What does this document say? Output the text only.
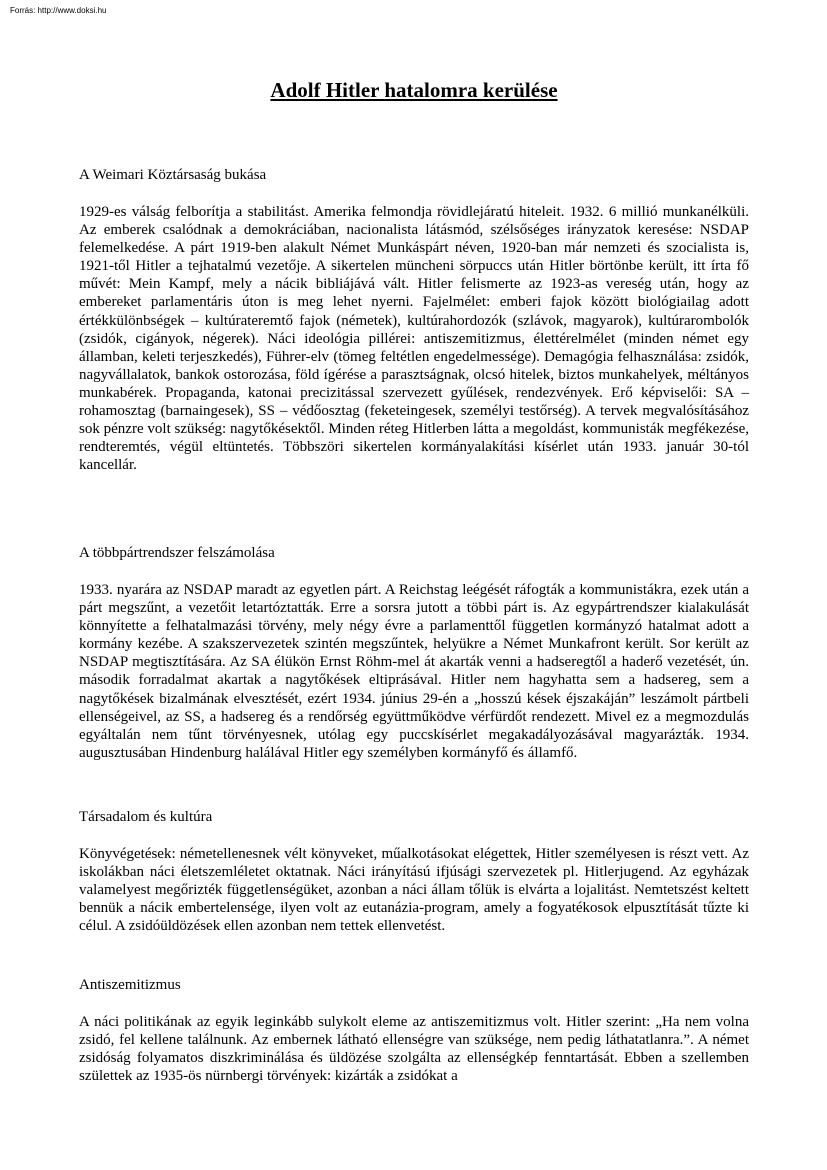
Forrás: http://www.doksi.hu
Adolf Hitler hatalomra kerülése

A Weimari Köztársaság bukása

1929-es válság felborítja a stabilitást. Amerika felmondja rövidlejáratú hiteleit. 1932. 6 millió munkanélküli. Az emberek csalódnak a demokráciában, nacionalista látásmód, szélsőséges irányzatok keresése: NSDAP felemelkedése. A párt 1919-ben alakult Német Munkáspárt néven, 1920-ban már nemzeti és szocialista is, 1921-től Hitler a tejhatalmú vezetője. A sikertelen müncheni sörpuccs után Hitler börtönbe került, itt írta fő művét: Mein Kampf, mely a nácik bibliájává vált. Hitler felismerte az 1923-as vereség után, hogy az embereket parlamentáris úton is meg lehet nyerni. Fajelmélet: emberi fajok között biológiailag adott értékkülönbségek – kultúrateremtő fajok (németek), kultúrahordozók (szlávok, magyarok), kultúrarombolók (zsidók, cigányok, négerek). Náci ideológia pillérei: antiszemitizmus, élettérelmélet (minden német egy államban, keleti terjeszkedés), Führer-elv (tömeg feltétlen engedelmessége). Demagógia felhasználása: zsidók, nagyvállalatok, bankok ostorozása, föld ígérése a parasztságnak, olcsó hitelek, biztos munkahelyek, méltányos munkabérek. Propaganda, katonai precizitással szervezett gyűlések, rendezvények. Erő képviselői: SA – rohamosztag (barnaingesek), SS – védőosztag (feketeingesek, személyi testőrség). A tervek megvalósításához sok pénzre volt szükség: nagytőkésektől. Minden réteg Hitlerben látta a megoldást, kommunisták megfékezése, rendteremtés, végül eltüntetés. Többszöri sikertelen kormányalakítási kísérlet után 1933. január 30-tól kancellár.

A többpártrendszer felszámolása

1933. nyarára az NSDAP maradt az egyetlen párt. A Reichstag leégését ráfogták a kommunistákra, ezek után a párt megszűnt, a vezetőit letartóztatták. Erre a sorsra jutott a többi párt is. Az egypártrendszer kialakulását könnyítette a felhatalmazási törvény, mely négy évre a parlamenttől független kormányzó hatalmat adott a kormány kezébe. A szakszervezetek szintén megszűntek, helyükre a Német Munkafront került. Sor került az NSDAP megtisztítására. Az SA élükön Ernst Röhm-mel át akarták venni a hadseregtől a haderő vezetését, ún. második forradalmat akartak a nagytőkések eltiprásával. Hitler nem hagyhatta sem a hadsereg, sem a nagytőkések bizalmának elvesztését, ezért 1934. június 29-én a „hosszú kések éjszakáján” leszámolt pártbeli ellenségeivel, az SS, a hadsereg és a rendőrség együttműködve vérfürdőt rendezett. Mivel ez a megmozdulás egyáltalán nem tűnt törvényesnek, utólag egy puccskísérlet megakadályozásával magyarázták. 1934. augusztusában Hindenburg halálával Hitler egy személyben kormányfő és államfő.

Társadalom és kultúra

Könyvégetések: németellenesnek vélt könyveket, műalkotásokat elégettek, Hitler személyesen is részt vett. Az iskolákban náci életszemléletet oktatnak. Náci irányítású ifjúsági szervezetek pl. Hitlerjugend. Az egyházak valamelyest megőrizték függetlenségüket, azonban a náci állam tőlük is elvárta a lojalitást. Nemtetszést keltett bennük a nácik embertelensége, ilyen volt az eutanázia-program, amely a fogyatékosok elpusztítását tűzte ki célul. A zsidóüldözések ellen azonban nem tettek ellenvetést.

Antiszemitizmus

A náci politikának az egyik leginkább sulykolt eleme az antiszemitizmus volt. Hitler szerint: „Ha nem volna zsidó, fel kellene találnunk. Az embernek látható ellenségre van szüksége, nem pedig láthatatlanra.”. A német zsidóság folyamatos diszkriminálása és üldözése szolgálta az ellenségkép fenntartását. Ebben a szellemben születtek az 1935-ös nürnbergi törvények: kizárták a zsidókat a
